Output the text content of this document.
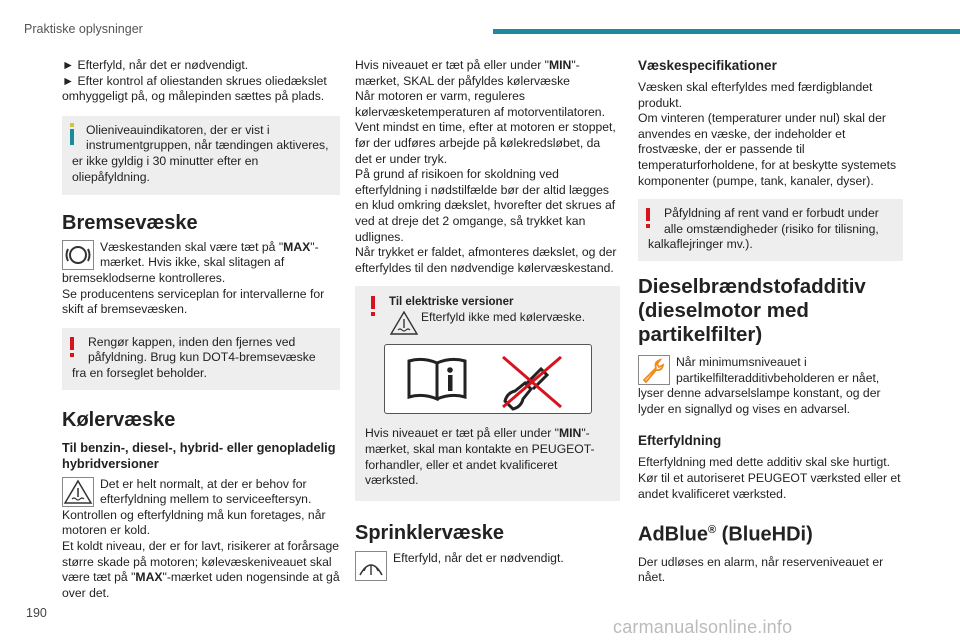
Praktiske oplysninger

► Efterfyld, når det er nødvendigt.

► Efter kontrol af oliestanden skrues oliedækslet omhyggeligt på, og målepinden sættes på plads.

Olieniveauindikatoren, der er vist i instrumentgruppen, når tændingen aktiveres, er ikke gyldig i 30 minutter efter en oliepåfyldning.

Bremsevæske

Væskestanden skal være tæt på "MAX"-mærket. Hvis ikke, skal slitagen af bremseklodserne kontrolleres.

Se producentens serviceplan for intervallerne for skift af bremsevæsken.

Rengør kappen, inden den fjernes ved påfyldning. Brug kun DOT4-bremsevæske fra en forseglet beholder.

Kølervæske

Til benzin-, diesel-, hybrid- eller genopladelig hybridversioner

Det er helt normalt, at der er behov for efterfyldning mellem to serviceeftersyn. Kontrollen og efterfyldning må kun foretages, når motoren er kold.

Et koldt niveau, der er for lavt, risikerer at forårsage større skade på motoren; kølevæskeniveauet skal være tæt på "MAX"-mærket uden nogensinde at gå over det.

Hvis niveauet er tæt på eller under "MIN"-mærket, SKAL der påfyldes kølervæske

Når motoren er varm, reguleres kølervæsketemperaturen af motorventilatoren. Vent mindst en time, efter at motoren er stoppet, før der udføres arbejde på kølekredsløbet, da det er under tryk.

På grund af risikoen for skoldning ved efterfyldning i nødstilfælde bør der altid lægges en klud omkring dækslet, hvorefter det skrues af ved at dreje det 2 omgange, så trykket kan udlignes.

Når trykket er faldet, afmonteres dækslet, og der efterfyldes til den nødvendige kølervæskestand.

Til elektriske versioner
Efterfyld ikke med kølervæske.

Hvis niveauet er tæt på eller under "MIN"-mærket, skal man kontakte en PEUGEOT-forhandler, eller et andet kvalificeret værksted.

Sprinklervæske

Efterfyld, når det er nødvendigt.

Væskespecifikationer

Væsken skal efterfyldes med færdigblandet produkt.

Om vinteren (temperaturer under nul) skal der anvendes en væske, der indeholder et frostvæske, der er passende til temperaturforholdene, for at beskytte systemets komponenter (pumpe, tank, kanaler, dyser).

Påfyldning af rent vand er forbudt under alle omstændigheder (risiko for tilisning, kalkaflejringer mv.).

Dieselbrændstofadditiv (dieselmotor med partikelfilter)

Når minimumsniveauet i partikelfilteradditivbeholderen er nået, lyser denne advarselslampe konstant, og der lyder en signallyd og vises en advarsel.

Efterfyldning

Efterfyldning med dette additiv skal ske hurtigt. Kør til et autoriseret PEUGEOT værksted eller et andet kvalificeret værksted.

AdBlue® (BlueHDi)

Der udløses en alarm, når reserveniveauet er nået.

190
carmanualsonline.info
